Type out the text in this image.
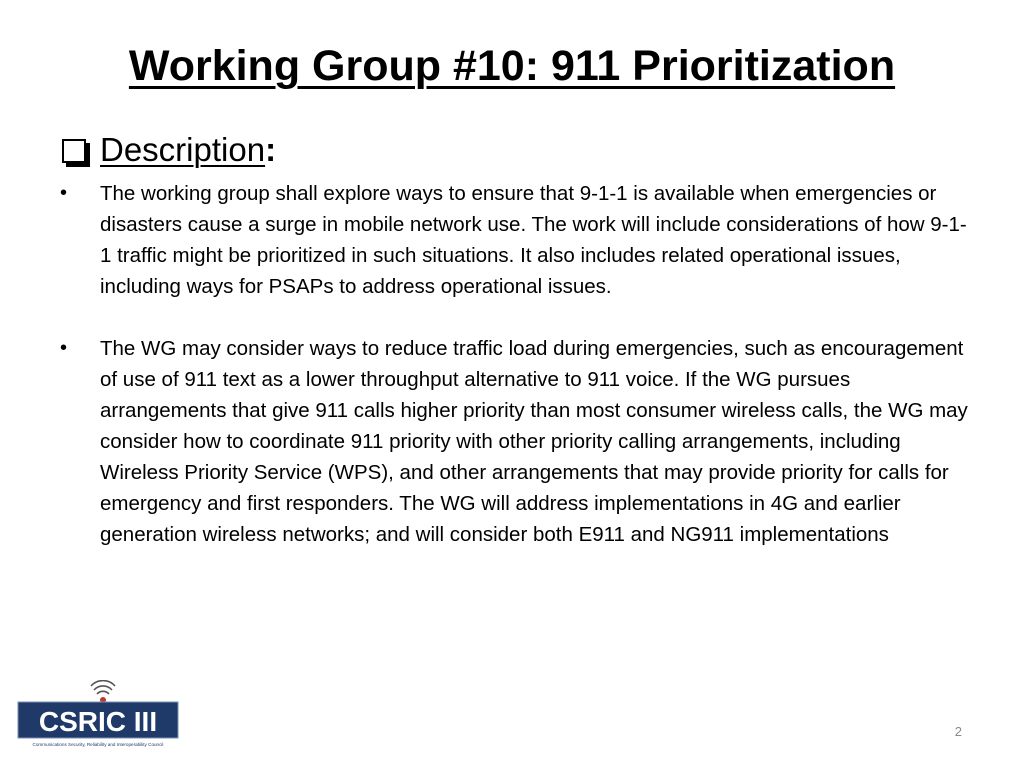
Working Group #10: 911 Prioritization
Description :
• The working group shall explore ways to ensure that 9-1-1 is available when emergencies or disasters cause a surge in mobile network use. The work will include considerations of how 9-1-1 traffic might be prioritized in such situations. It also includes related operational issues, including ways for PSAPs to address operational issues.
• The WG may consider ways to reduce traffic load during emergencies, such as encouragement of use of 911 text as a lower throughput alternative to 911 voice. If the WG pursues arrangements that give 911 calls higher priority than most consumer wireless calls, the WG may consider how to coordinate 911 priority with other priority calling arrangements, including Wireless Priority Service (WPS), and other arrangements that may provide priority for calls for emergency and first responders. The WG will address implementations in 4G and earlier generation wireless networks; and will consider both E911 and NG911 implementations
CSRIC III
Communications Security, Reliability and Interoperability Council
2
